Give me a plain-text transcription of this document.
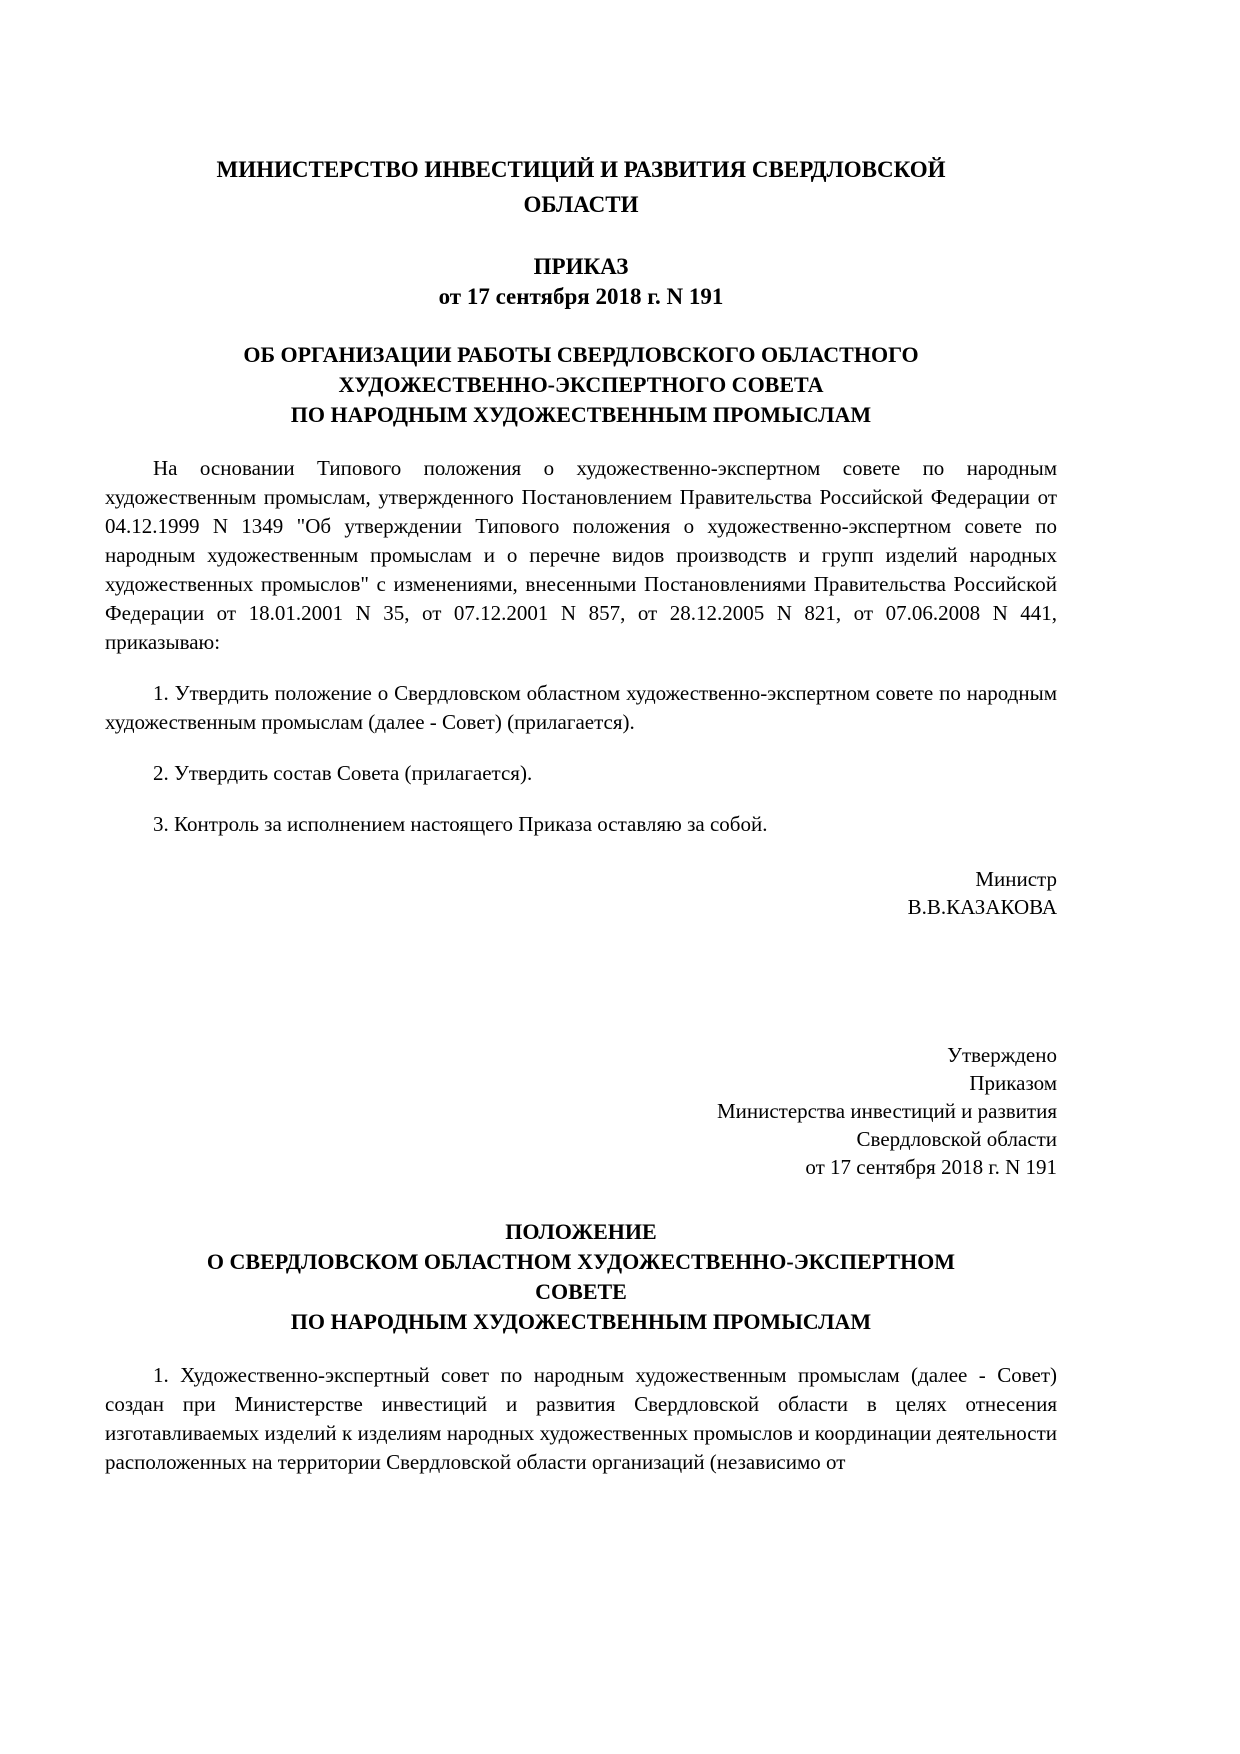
МИНИСТЕРСТВО ИНВЕСТИЦИЙ И РАЗВИТИЯ СВЕРДЛОВСКОЙ
ОБЛАСТИ
ПРИКАЗ
от 17 сентября 2018 г. N 191
ОБ ОРГАНИЗАЦИИ РАБОТЫ СВЕРДЛОВСКОГО ОБЛАСТНОГО
ХУДОЖЕСТВЕННО-ЭКСПЕРТНОГО СОВЕТА
ПО НАРОДНЫМ ХУДОЖЕСТВЕННЫМ ПРОМЫСЛАМ

На основании Типового положения о художественно-экспертном совете по народным художественным промыслам, утвержденного Постановлением Правительства Российской Федерации от 04.12.1999 N 1349 "Об утверждении Типового положения о художественно-экспертном совете по народным художественным промыслам и о перечне видов производств и групп изделий народных художественных промыслов" с изменениями, внесенными Постановлениями Правительства Российской Федерации от 18.01.2001 N 35, от 07.12.2001 N 857, от 28.12.2005 N 821, от 07.06.2008 N 441, приказываю:

1. Утвердить положение о Свердловском областном художественно-экспертном совете по народным художественным промыслам (далее - Совет) (прилагается).

2. Утвердить состав Совета (прилагается).

3. Контроль за исполнением настоящего Приказа оставляю за собой.

Министр
В.В.КАЗАКОВА
Утверждено
Приказом
Министерства инвестиций и развития
Свердловской области
от 17 сентября 2018 г. N 191
ПОЛОЖЕНИЕ
О СВЕРДЛОВСКОМ ОБЛАСТНОМ ХУДОЖЕСТВЕННО-ЭКСПЕРТНОМ
СОВЕТЕ
ПО НАРОДНЫМ ХУДОЖЕСТВЕННЫМ ПРОМЫСЛАМ

1. Художественно-экспертный совет по народным художественным промыслам (далее - Совет) создан при Министерстве инвестиций и развития Свердловской области в целях отнесения изготавливаемых изделий к изделиям народных художественных промыслов и координации деятельности расположенных на территории Свердловской области организаций (независимо от
